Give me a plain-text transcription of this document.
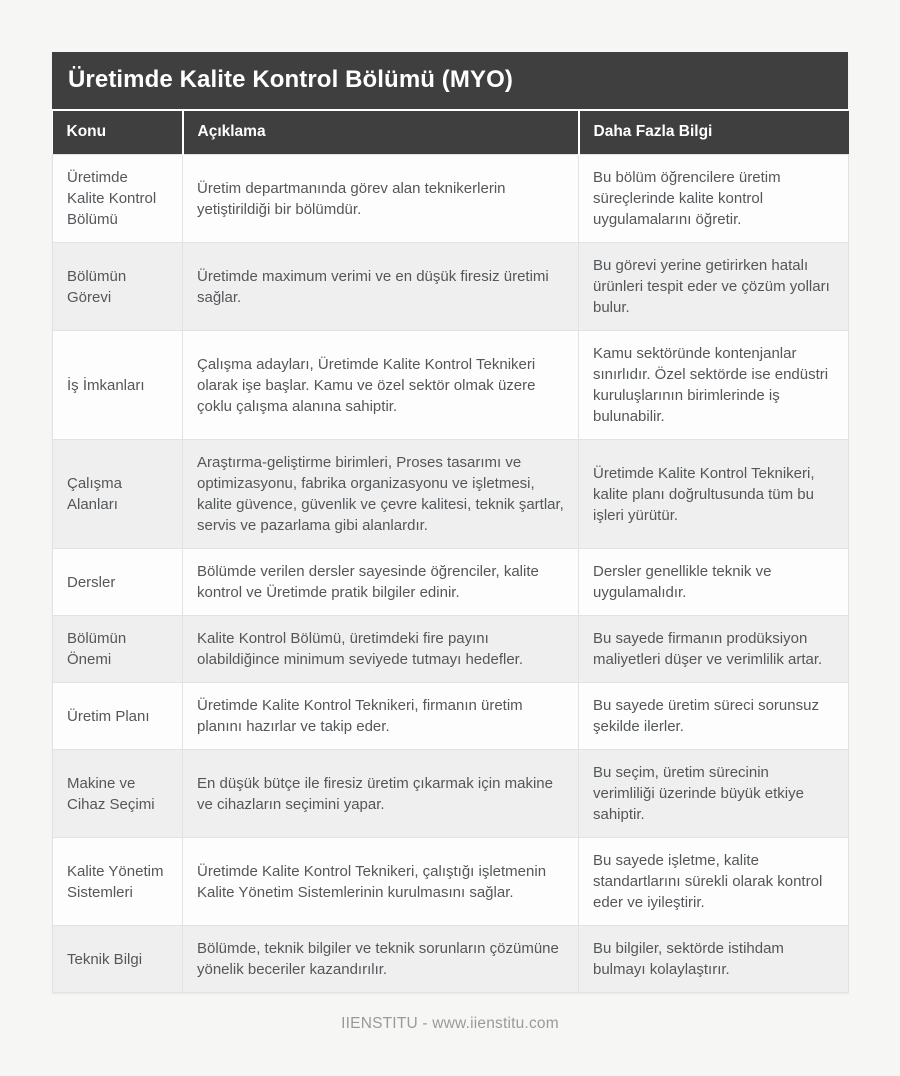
Üretimde Kalite Kontrol Bölümü (MYO)
Konu	Açıklama	Daha Fazla Bilgi
Üretimde Kalite Kontrol Bölümü	Üretim departmanında görev alan teknikerlerin yetiştirildiği bir bölümdür.	Bu bölüm öğrencilere üretim süreçlerinde kalite kontrol uygulamalarını öğretir.
Bölümün Görevi	Üretimde maximum verimi ve en düşük firesiz üretimi sağlar.	Bu görevi yerine getirirken hatalı ürünleri tespit eder ve çözüm yolları bulur.
İş İmkanları	Çalışma adayları, Üretimde Kalite Kontrol Teknikeri olarak işe başlar. Kamu ve özel sektör olmak üzere çoklu çalışma alanına sahiptir.	Kamu sektöründe kontenjanlar sınırlıdır. Özel sektörde ise endüstri kuruluşlarının birimlerinde iş bulunabilir.
Çalışma Alanları	Araştırma-geliştirme birimleri, Proses tasarımı ve optimizasyonu, fabrika organizasyonu ve işletmesi, kalite güvence, güvenlik ve çevre kalitesi, teknik şartlar, servis ve pazarlama gibi alanlardır.	Üretimde Kalite Kontrol Teknikeri, kalite planı doğrultusunda tüm bu işleri yürütür.
Dersler	Bölümde verilen dersler sayesinde öğrenciler, kalite kontrol ve Üretimde pratik bilgiler edinir.	Dersler genellikle teknik ve uygulamalıdır.
Bölümün Önemi	Kalite Kontrol Bölümü, üretimdeki fire payını olabildiğince minimum seviyede tutmayı hedefler.	Bu sayede firmanın prodüksiyon maliyetleri düşer ve verimlilik artar.
Üretim Planı	Üretimde Kalite Kontrol Teknikeri, firmanın üretim planını hazırlar ve takip eder.	Bu sayede üretim süreci sorunsuz şekilde ilerler.
Makine ve Cihaz Seçimi	En düşük bütçe ile firesiz üretim çıkarmak için makine ve cihazların seçimini yapar.	Bu seçim, üretim sürecinin verimliliği üzerinde büyük etkiye sahiptir.
Kalite Yönetim Sistemleri	Üretimde Kalite Kontrol Teknikeri, çalıştığı işletmenin Kalite Yönetim Sistemlerinin kurulmasını sağlar.	Bu sayede işletme, kalite standartlarını sürekli olarak kontrol eder ve iyileştirir.
Teknik Bilgi	Bölümde, teknik bilgiler ve teknik sorunların çözümüne yönelik beceriler kazandırılır.	Bu bilgiler, sektörde istihdam bulmayı kolaylaştırır.
IIENSTITU - www.iienstitu.com
